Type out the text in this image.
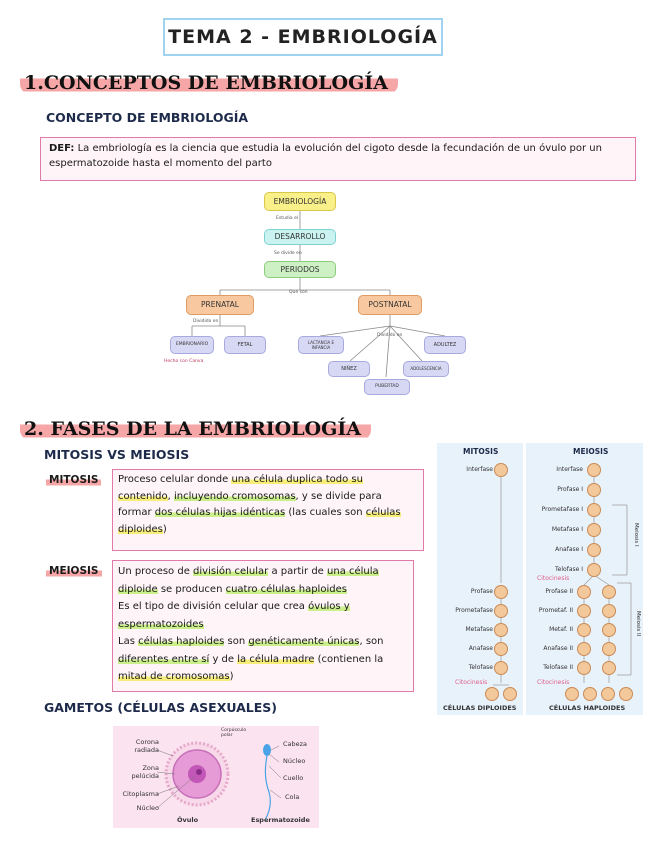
TEMA 2 - EMBRIOLOGÍA
1.CONCEPTOS DE EMBRIOLOGÍA
CONCEPTO DE EMBRIOLOGÍA
DEF: La embriología es la ciencia que estudia la evolución del cigoto desde la fecundación de un óvulo por un espermatozoide hasta el momento del parto
EMBRIOLOGÍA
Estudia el
DESARROLLO
Se divide en
PERIODOS
Que son
PRENATAL	POSTNATAL
Dividido en
Dividido en
EMBRIONARIO	FETAL	LACTANCIA E INFANCIA
NIÑEZ
PUBERTAD
ADOLESCENCIA
ADULTEZ
Hecho con Canva
2. FASES DE LA EMBRIOLOGÍA
MITOSIS VS MEIOSIS
MITOSIS	Proceso celular donde una célula duplica todo su
contenido, incluyendo cromosomas, y se divide para
formar dos células hijas idénticas (las cuales son células
diploides)
MEIOSIS	Un proceso de división celular a partir de una célula
diploide se producen cuatro células haploides
Es el tipo de división celular que crea óvulos y
espermatozoides
Las células haploides son genéticamente únicas, son
diferentes entre sí y de la célula madre (contienen la
mitad de cromosomas)
GAMETOS (CÉLULAS ASEXUALES)
MITOSIS	MEIOSIS
Interfase
Profase
Prometafase
Metafase
Anafase
Telofase
Interfase
Profase I
Prometafase I
Metafase I
Anafase I
Telofase I
Profase II
Prometaf. II
Metaf. II
Anafase II
Telofase II
Citocinesis
Citocinesis
Citocinesis
Meiosis I
Meiosis II
CÉLULAS DIPLOIDES	CÉLULAS HAPLOIDES
Corona radiada
Zona pelúcida
Citoplasma
Núcleo
Corpúsculo polar
Cabeza
Núcleo
Cuello
Cola
Óvulo	Espermatozoide
